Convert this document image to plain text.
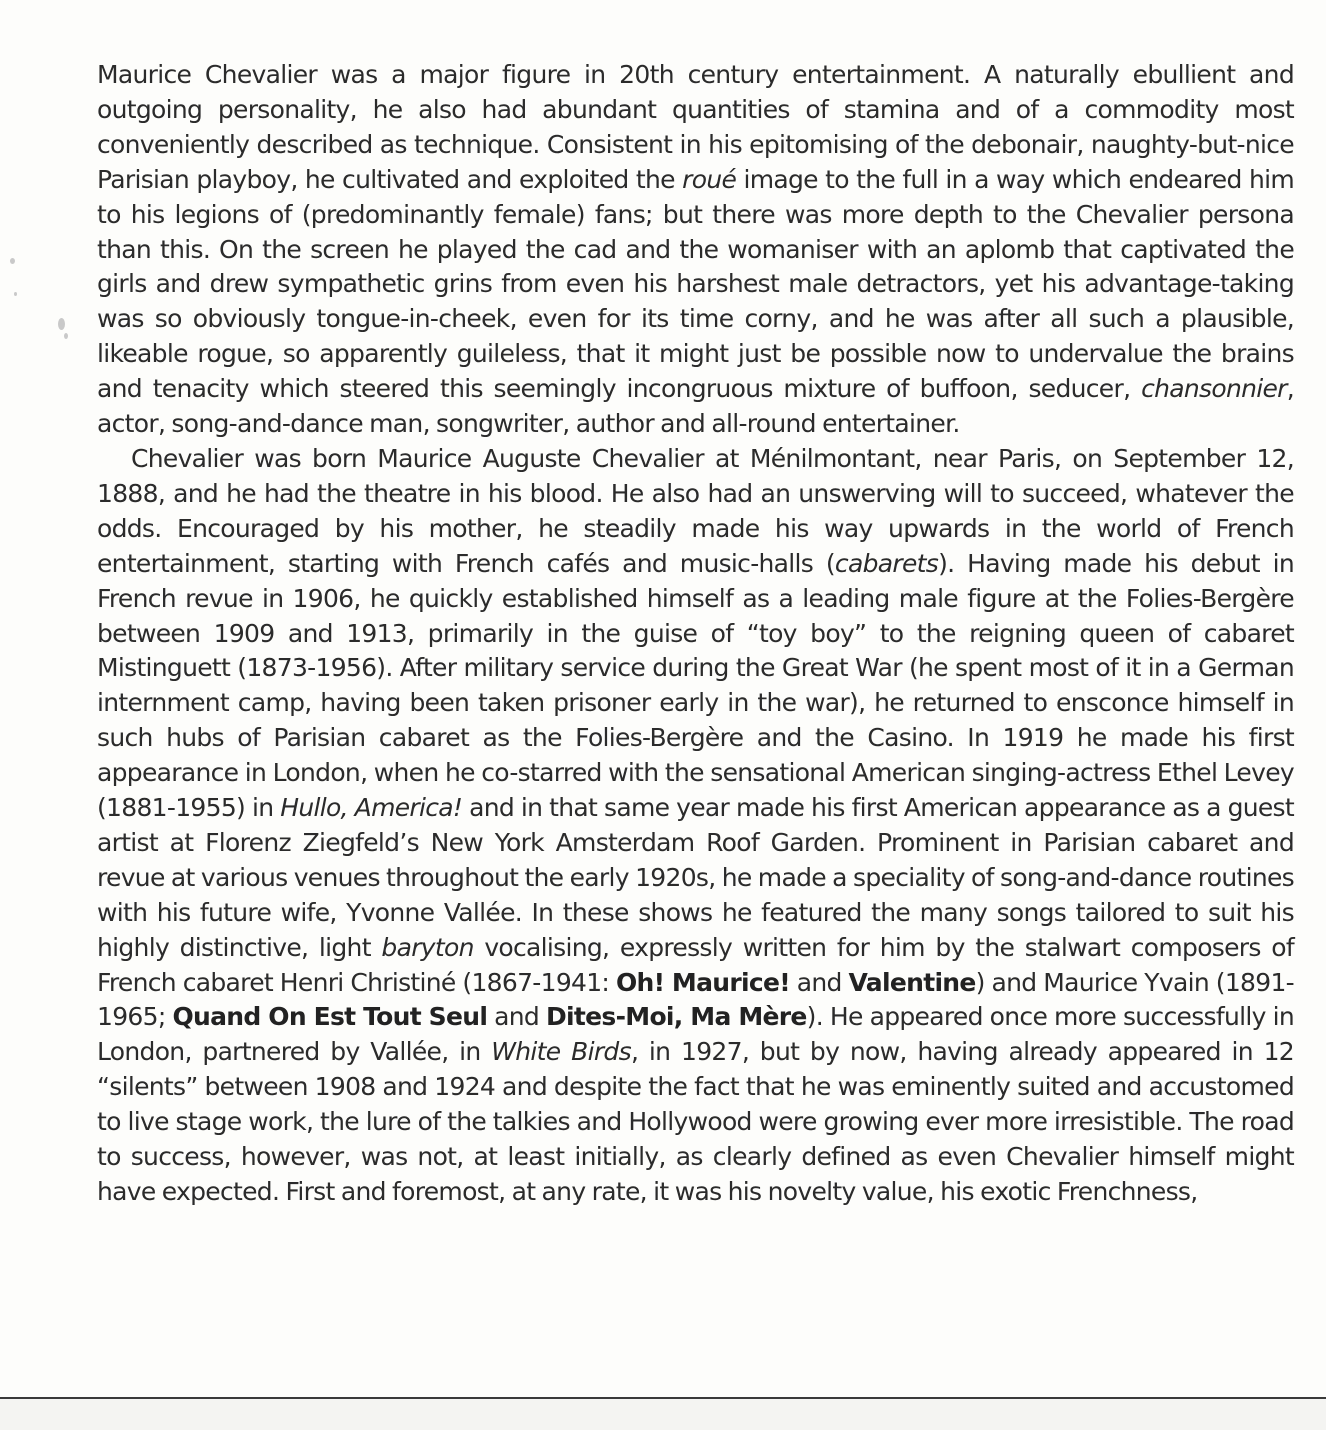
Maurice Chevalier was a major figure in 20th century entertainment. A naturally ebullient and outgoing personality, he also had abundant quantities of stamina and of a commodity most conveniently described as technique. Consistent in his epitomising of the debonair, naughty-but-nice Parisian playboy, he cultivated and exploited the roué image to the full in a way which endeared him to his legions of (predominantly female) fans; but there was more depth to the Chevalier persona than this. On the screen he played the cad and the womaniser with an aplomb that captivated the girls and drew sympathetic grins from even his harshest male detractors, yet his advantage-taking was so obviously tongue-in-cheek, even for its time corny, and he was after all such a plausible, likeable rogue, so apparently guileless, that it might just be possible now to undervalue the brains and tenacity which steered this seemingly incongruous mixture of buffoon, seducer, chansonnier, actor, song-and-dance man, songwriter, author and all-round entertainer.

Chevalier was born Maurice Auguste Chevalier at Ménilmontant, near Paris, on September 12, 1888, and he had the theatre in his blood. He also had an unswerving will to succeed, whatever the odds. Encouraged by his mother, he steadily made his way upwards in the world of French entertainment, starting with French cafés and music-halls (cabarets). Having made his debut in French revue in 1906, he quickly established himself as a leading male figure at the Folies-Bergère between 1909 and 1913, primarily in the guise of “toy boy” to the reigning queen of cabaret Mistinguett (1873-1956). After military service during the Great War (he spent most of it in a German internment camp, having been taken prisoner early in the war), he returned to ensconce himself in such hubs of Parisian cabaret as the Folies-Bergère and the Casino. In 1919 he made his first appearance in London, when he co-starred with the sensational American singing-actress Ethel Levey (1881-1955) in Hullo, America! and in that same year made his first American appearance as a guest artist at Florenz Ziegfeld’s New York Amsterdam Roof Garden. Prominent in Parisian cabaret and revue at various venues throughout the early 1920s, he made a speciality of song-and-dance routines with his future wife, Yvonne Vallée. In these shows he featured the many songs tailored to suit his highly distinctive, light baryton vocalising, expressly written for him by the stalwart composers of French cabaret Henri Christiné (1867-1941: Oh! Maurice! and Valentine) and Maurice Yvain (1891-1965; Quand On Est Tout Seul and Dites-Moi, Ma Mère). He appeared once more successfully in London, partnered by Vallée, in White Birds, in 1927, but by now, having already appeared in 12 “silents” between 1908 and 1924 and despite the fact that he was eminently suited and accustomed to live stage work, the lure of the talkies and Hollywood were growing ever more irresistible. The road to success, however, was not, at least initially, as clearly defined as even Chevalier himself might have expected. First and foremost, at any rate, it was his novelty value, his exotic Frenchness,
